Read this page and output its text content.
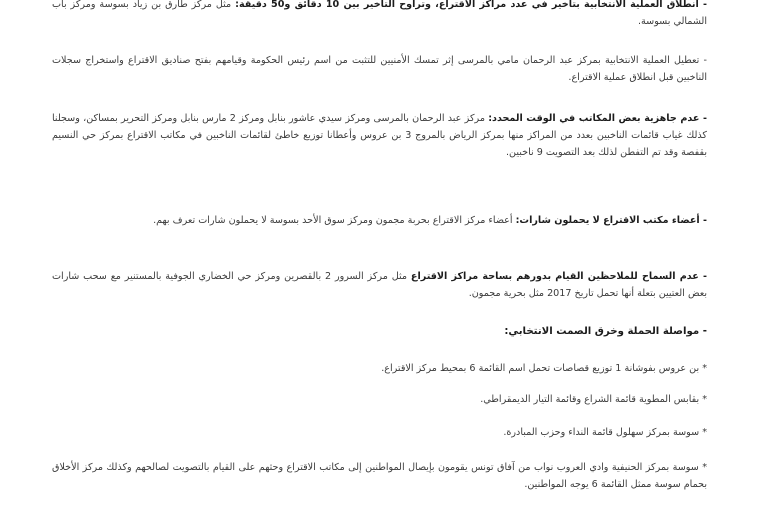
- انطلاق العملية الانتخابية بتأخير في عدد مراكز الاقتراع، وتراوح التأخير بين 10 دقائق و50 دقيقة: مثل مركز طارق بن زياد بسوسة ومركز باب الشمالي بسوسة.

- تعطيل العملية الانتخابية بمركز عبد الرحمان مامي بالمرسى إثر تمسك الأمنيين للتثبت من اسم رئيس الحكومة وقيامهم بفتح صناديق الاقتراع واستخراج سجلات الناخبين قبل انطلاق عملية الاقتراع.

- عدم جاهزية بعض المكاتب في الوقت المحدد: مركز عبد الرحمان بالمرسى ومركز سيدي عاشور بنابل ومركز 2 مارس بنابل ومركز التحرير بمساكن، وسجلنا كذلك غياب قائمات الناخبين بعدد من المراكز منها بمركز الرياض بالمروج 3 بن عروس وأعطانا توزيع خاطئ لقائمات الناخبين في مكاتب الاقتراع بمركز حي النسيم بقفصة وقد تم التفطن لذلك بعد التصويت 9 ناخبين.

- أعضاء مكتب الاقتراع لا يحملون شارات: أعضاء مركز الاقتراع بحربة مجمون ومركز سوق الأحد بسوسة لا يحملون شارات تعرف بهم.

- عدم السماح للملاحظين القيام بدورهم بساحة مراكز الاقتراع مثل مركز السرور 2 بالقصرين ومركز حي الخضاري الجوفية بالمستنير مع سحب شارات بعض العتيين بتعلة أنها تحمل تاريخ 2017 مثل بحرية مجمون.

- مواصلة الحملة وخرق الصمت الانتخابي:

* بن عروس بفوشانة 1 توزيع قصاصات تحمل اسم القائمة 6 بمحيط مركز الاقتراع.

* بقابس المطوية قائمة الشراع وقائمة التيار الديمقراطي.

* سوسة بمركز سهلول قائمة النداء وحزب المبادرة.

* سوسة بمركز الحنيفية وادي العروب نواب من آفاق تونس يقومون بإيصال المواطنين إلى مكاتب الاقتراع وحثهم على القيام بالتصويت لصالحهم وكذلك مركز الأخلاق بحمام سوسة ممثل القائمة 6 يوجه المواطنين.
